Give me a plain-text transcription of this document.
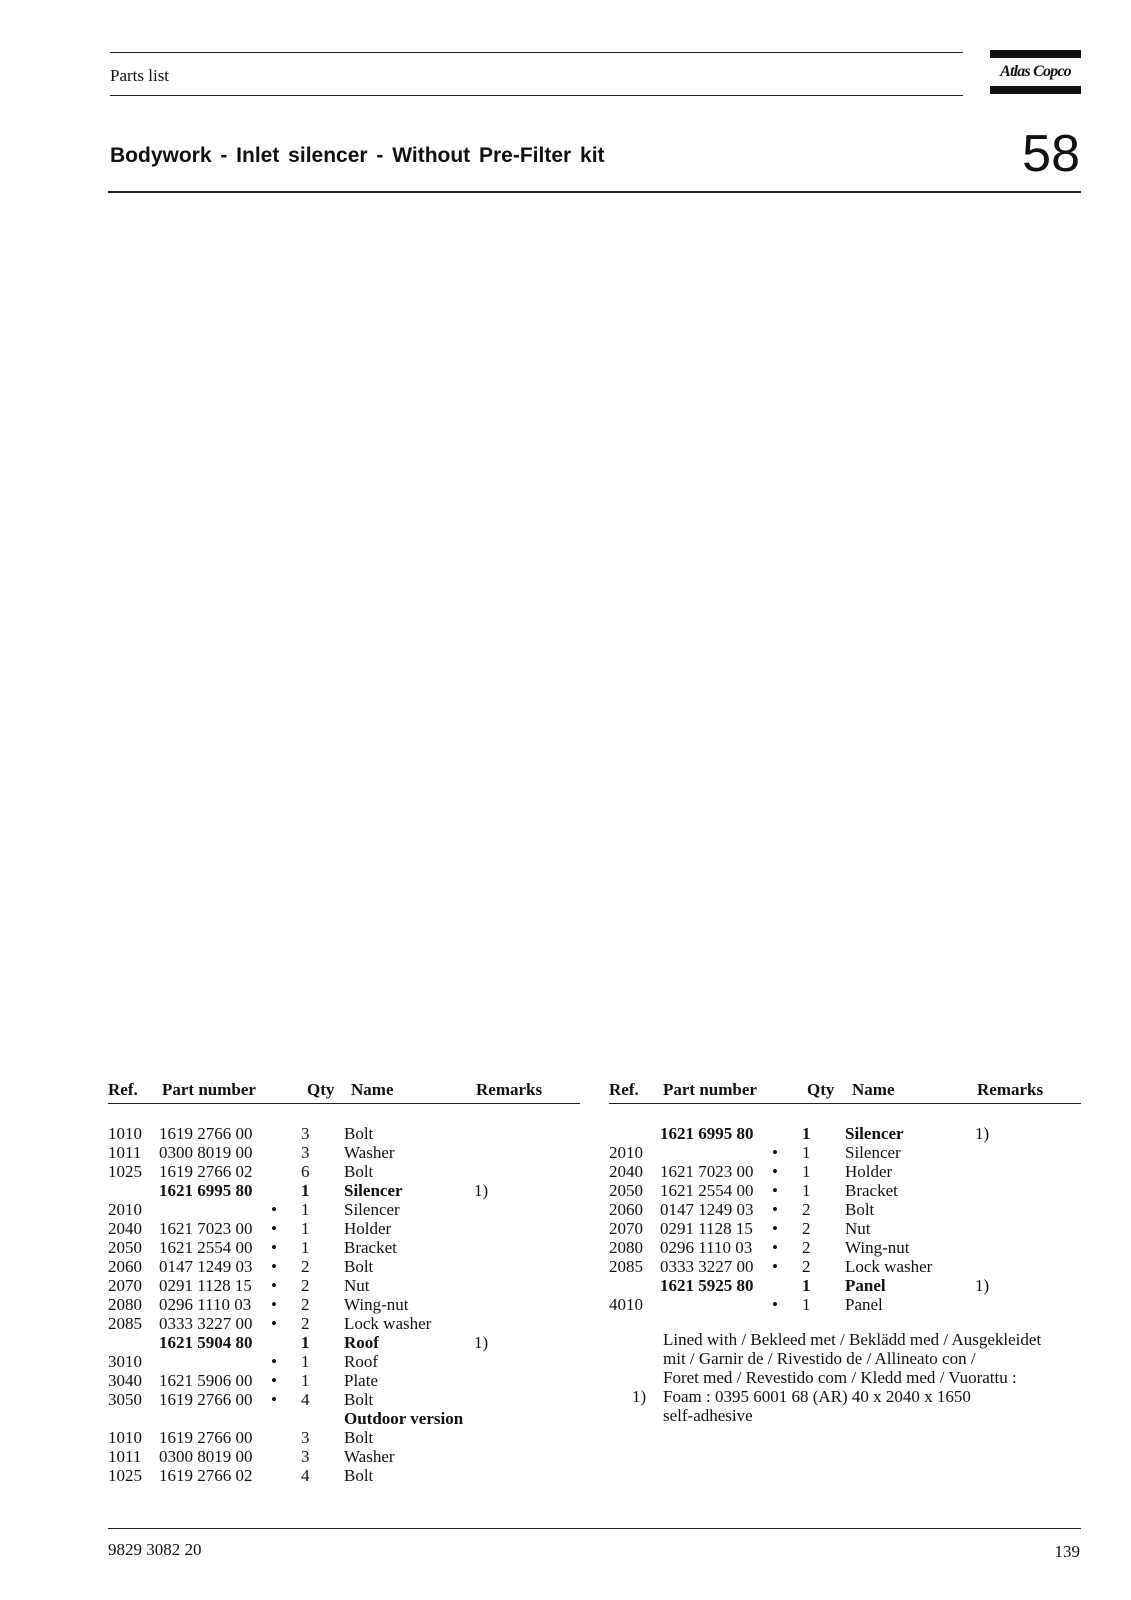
Parts list	Atlas Copco
Bodywork - Inlet silencer - Without Pre-Filter kit	58
Ref. Part number	Qty Name	Remarks
1010 1619 2766 00	3 Bolt
1011 0300 8019 00	3 Washer
1025 1619 2766 02	6 Bolt
1621 6995 80	1 Silencer	1)
2010	• 1 Silencer
2040 1621 7023 00 • 1 Holder
2050 1621 2554 00 • 1 Bracket
2060 0147 1249 03 • 2 Bolt
2070 0291 1128 15 • 2 Nut
2080 0296 1110 03 • 2 Wing-nut
2085 0333 3227 00 • 2 Lock washer
1621 5904 80	1 Roof	1)
3010	• 1 Roof
3040 1621 5906 00 • 1 Plate
3050 1619 2766 00 • 4 Bolt
Outdoor version
1010 1619 2766 00	3 Bolt
1011 0300 8019 00	3 Washer
1025 1619 2766 02	4 Bolt
Ref. Part number	Qty Name	Remarks
1621 6995 80	1 Silencer	1)
2010	• 1 Silencer
2040 1621 7023 00 • 1 Holder
2050 1621 2554 00 • 1 Bracket
2060 0147 1249 03 • 2 Bolt
2070 0291 1128 15 • 2 Nut
2080 0296 1110 03 • 2 Wing-nut
2085 0333 3227 00 • 2 Lock washer
1621 5925 80	1 Panel	1)
4010	• 1 Panel
1)
Lined with / Bekleed met / Beklädd med / Ausgekleidet
mit / Garnir de / Rivestido de / Allineato con /
Foret med / Revestido com / Kledd med / Vuorattu :
Foam : 0395 6001 68 (AR) 40 x 2040 x 1650
self-adhesive
9829 3082 20	139
